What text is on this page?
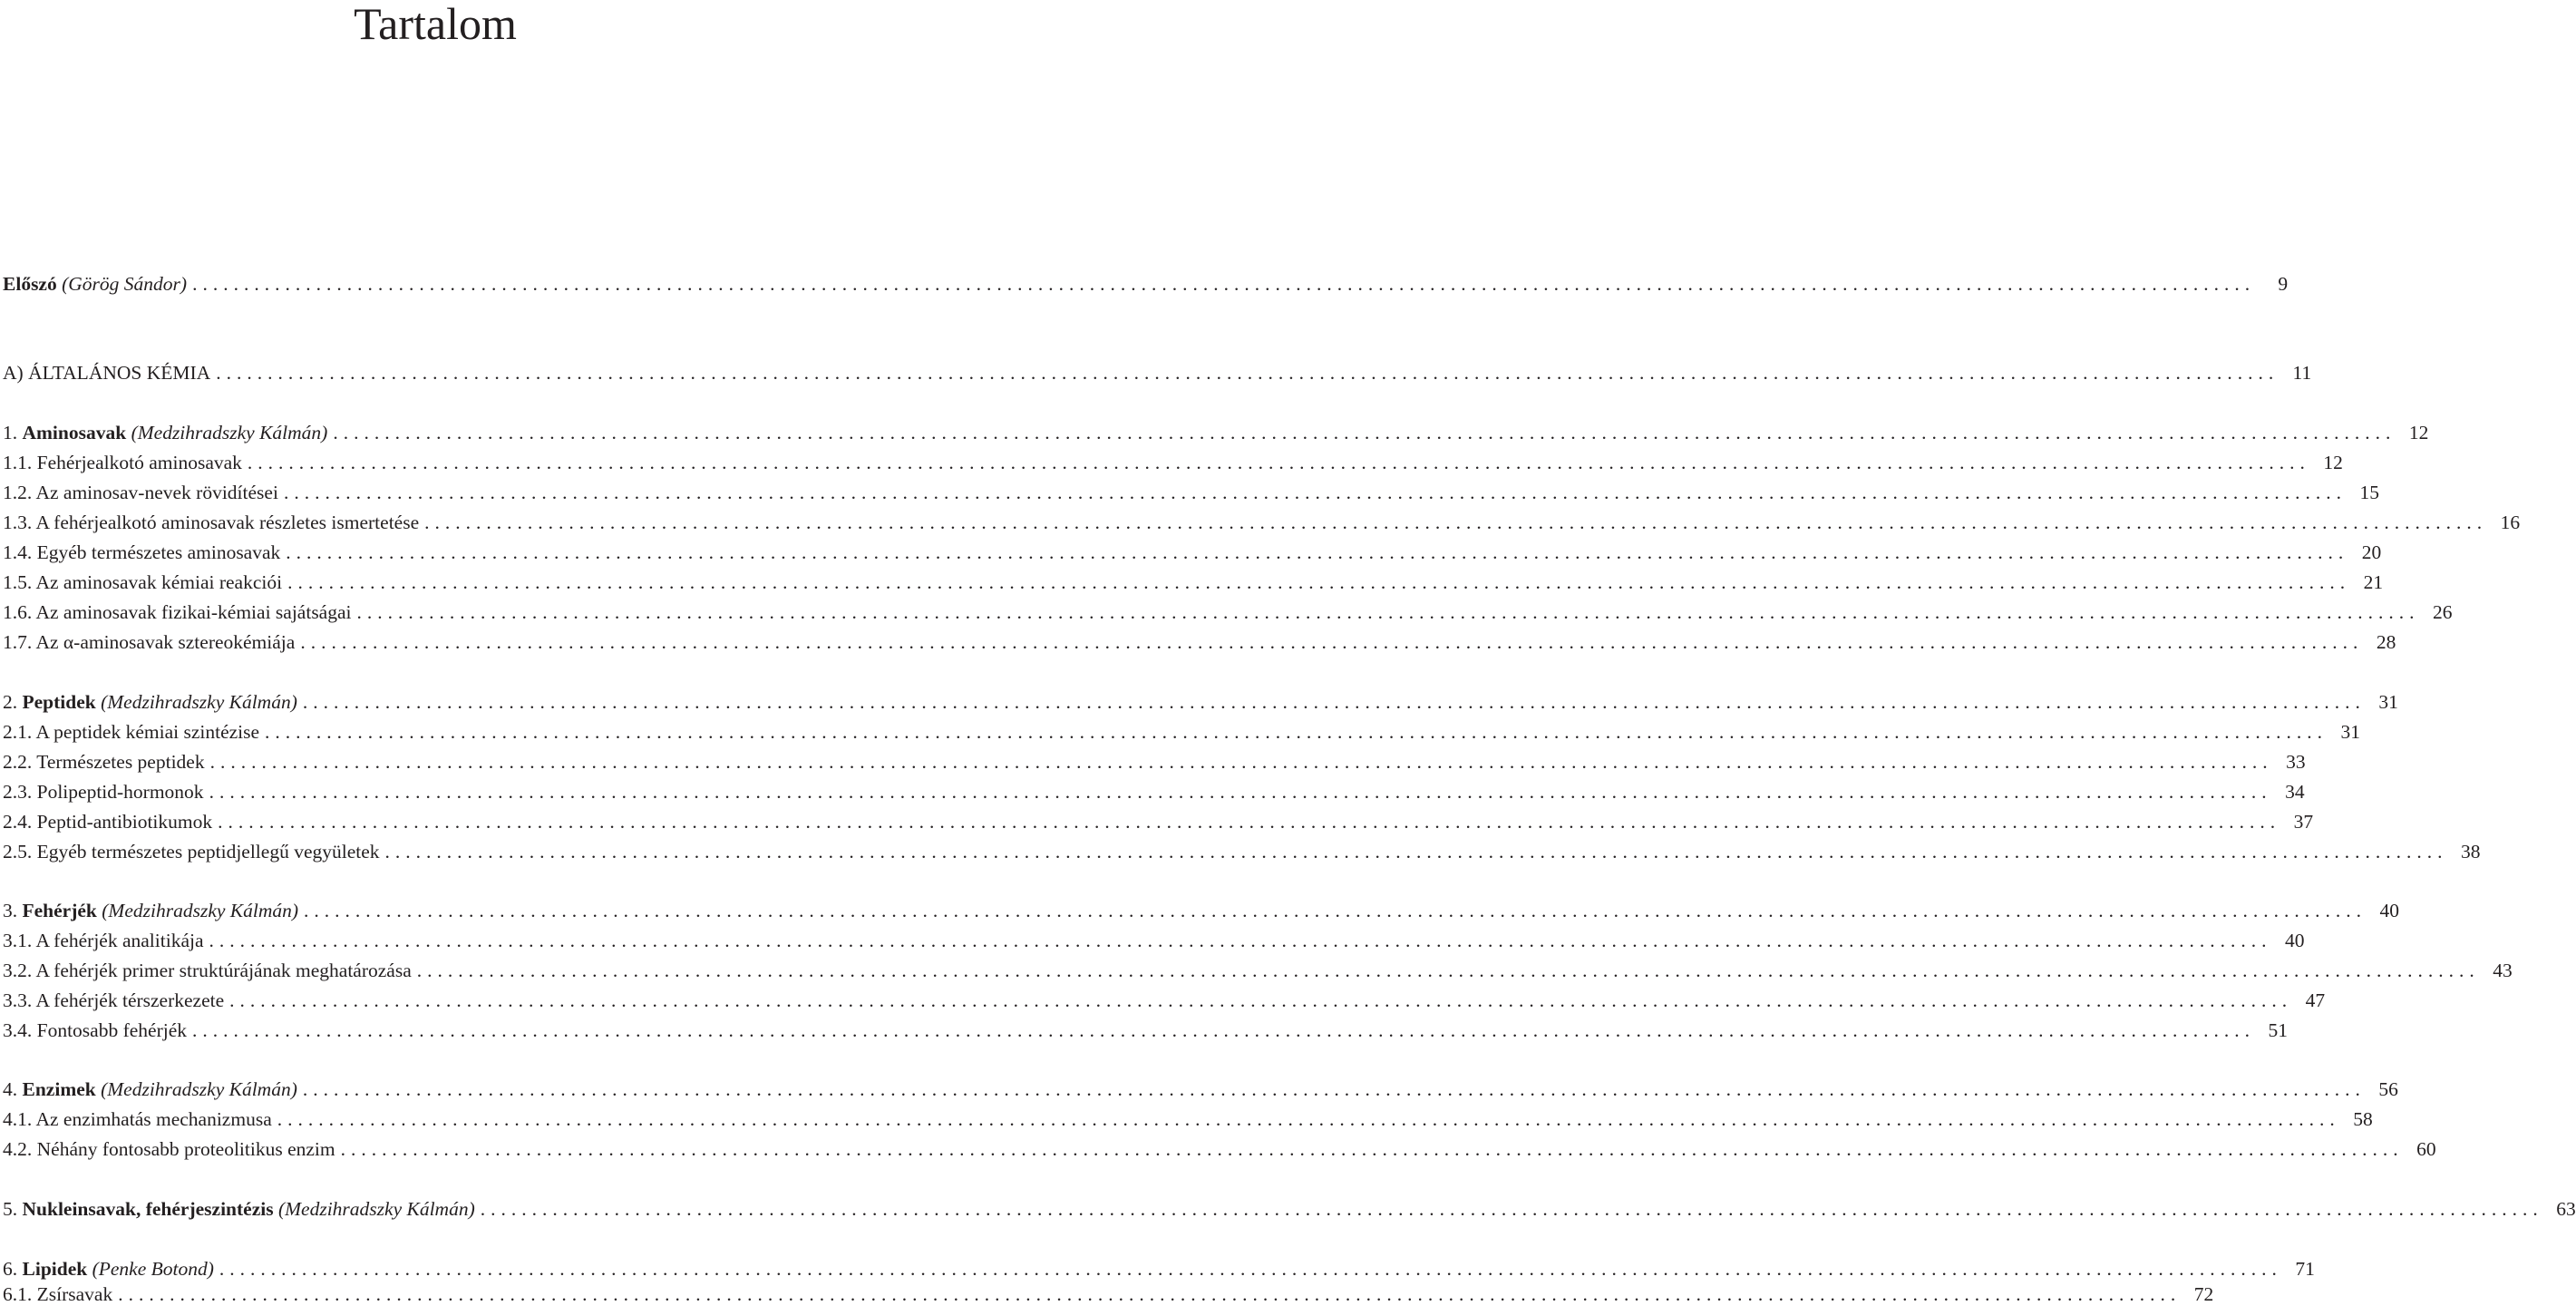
Tartalom
Előszó (Görög Sándor) ........................................................................................................................................................................................................	9
A) ÁLTALÁNOS KÉMIA ........................................................................................................................................................................................................ 11
1. Aminosavak (Medzihradszky Kálmán) ........................................................................................................................................................................................................ 12
1.1. Fehérjealkotó aminosavak ........................................................................................................................................................................................................ 12
1.2. Az aminosav-nevek rövidítései ........................................................................................................................................................................................................ 15
1.3. A fehérjealkotó aminosavak részletes ismertetése ........................................................................................................................................................................................................ 16
1.4. Egyéb természetes aminosavak ........................................................................................................................................................................................................ 20
1.5. Az aminosavak kémiai reakciói ........................................................................................................................................................................................................ 21
1.6. Az aminosavak fizikai-kémiai sajátságai ........................................................................................................................................................................................................ 26
1.7. Az α-aminosavak sztereokémiája ........................................................................................................................................................................................................ 28
2. Peptidek (Medzihradszky Kálmán) ........................................................................................................................................................................................................ 31
2.1. A peptidek kémiai szintézise ........................................................................................................................................................................................................ 31
2.2. Természetes peptidek ........................................................................................................................................................................................................ 33
2.3. Polipeptid-hormonok ........................................................................................................................................................................................................ 34
2.4. Peptid-antibiotikumok ........................................................................................................................................................................................................ 37
2.5. Egyéb természetes peptidjellegű vegyületek ........................................................................................................................................................................................................ 38
3. Fehérjék (Medzihradszky Kálmán) ........................................................................................................................................................................................................ 40
3.1. A fehérjék analitikája ........................................................................................................................................................................................................ 40
3.2. A fehérjék primer struktúrájának meghatározása ........................................................................................................................................................................................................ 43
3.3. A fehérjék térszerkezete ........................................................................................................................................................................................................ 47
3.4. Fontosabb fehérjék ........................................................................................................................................................................................................ 51
4. Enzimek (Medzihradszky Kálmán) ........................................................................................................................................................................................................ 56
4.1. Az enzimhatás mechanizmusa ........................................................................................................................................................................................................ 58
4.2. Néhány fontosabb proteolitikus enzim ........................................................................................................................................................................................................ 60
5. Nukleinsavak, fehérjeszintézis (Medzihradszky Kálmán) ........................................................................................................................................................................................................ 63
6. Lipidek (Penke Botond) ........................................................................................................................................................................................................ 71
6.1. Zsírsavak ........................................................................................................................................................................................................ 72
